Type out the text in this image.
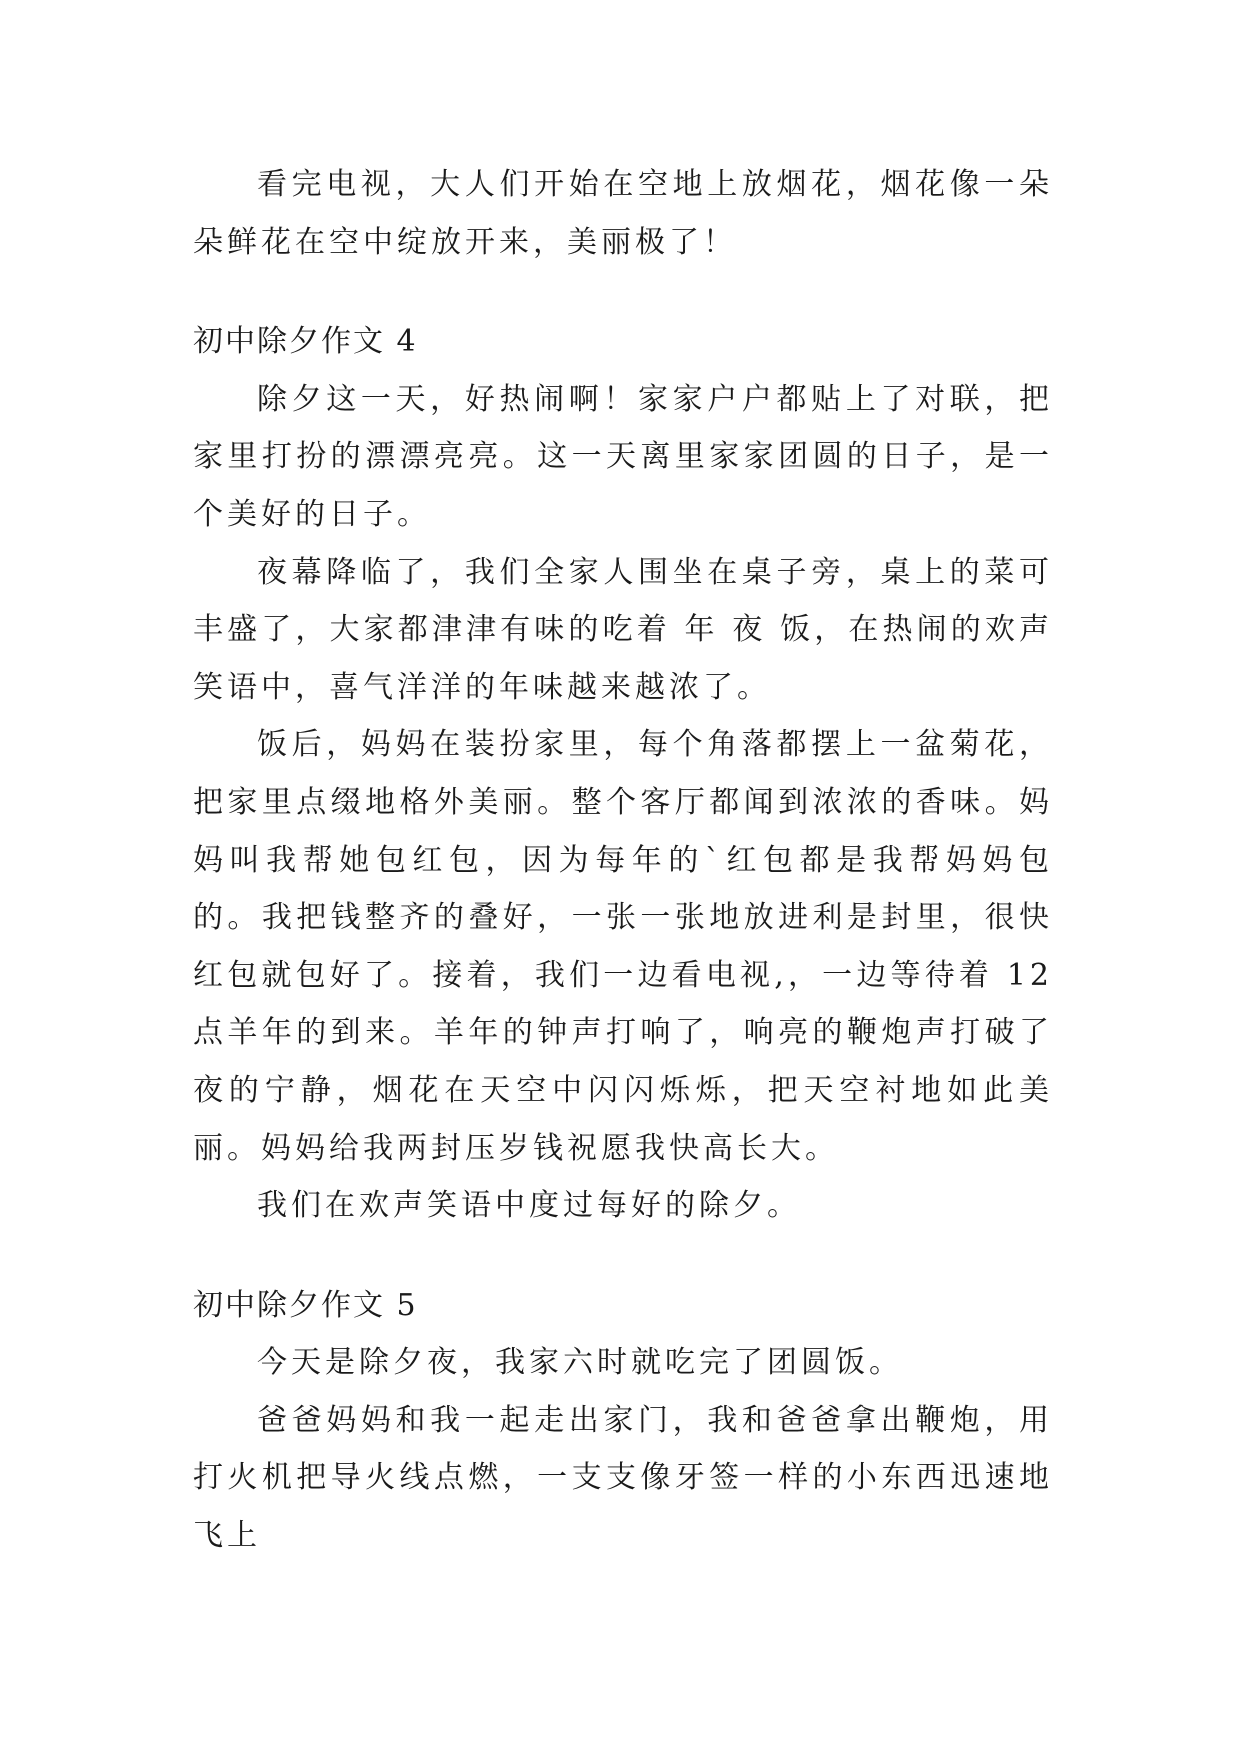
看完电视，大人们开始在空地上放烟花，烟花像一朵朵鲜花在空中绽放开来，美丽极了！

初中除夕作文 4

除夕这一天，好热闹啊！家家户户都贴上了对联，把家里打扮的漂漂亮亮。这一天离里家家团圆的日子，是一个美好的日子。

夜幕降临了，我们全家人围坐在桌子旁，桌上的菜可丰盛了，大家都津津有味的吃着 年 夜 饭，在热闹的欢声笑语中，喜气洋洋的年味越来越浓了。

饭后，妈妈在装扮家里，每个角落都摆上一盆菊花，把家里点缀地格外美丽。整个客厅都闻到浓浓的香味。妈妈叫我帮她包红包，因为每年的`红包都是我帮妈妈包的。我把钱整齐的叠好，一张一张地放进利是封里，很快红包就包好了。接着，我们一边看电视,，一边等待着 12 点羊年的到来。羊年的钟声打响了，响亮的鞭炮声打破了夜的宁静，烟花在天空中闪闪烁烁，把天空衬地如此美丽。妈妈给我两封压岁钱祝愿我快高长大。

我们在欢声笑语中度过每好的除夕。

初中除夕作文 5

今天是除夕夜，我家六时就吃完了团圆饭。

爸爸妈妈和我一起走出家门，我和爸爸拿出鞭炮，用打火机把导火线点燃，一支支像牙签一样的小东西迅速地飞上
